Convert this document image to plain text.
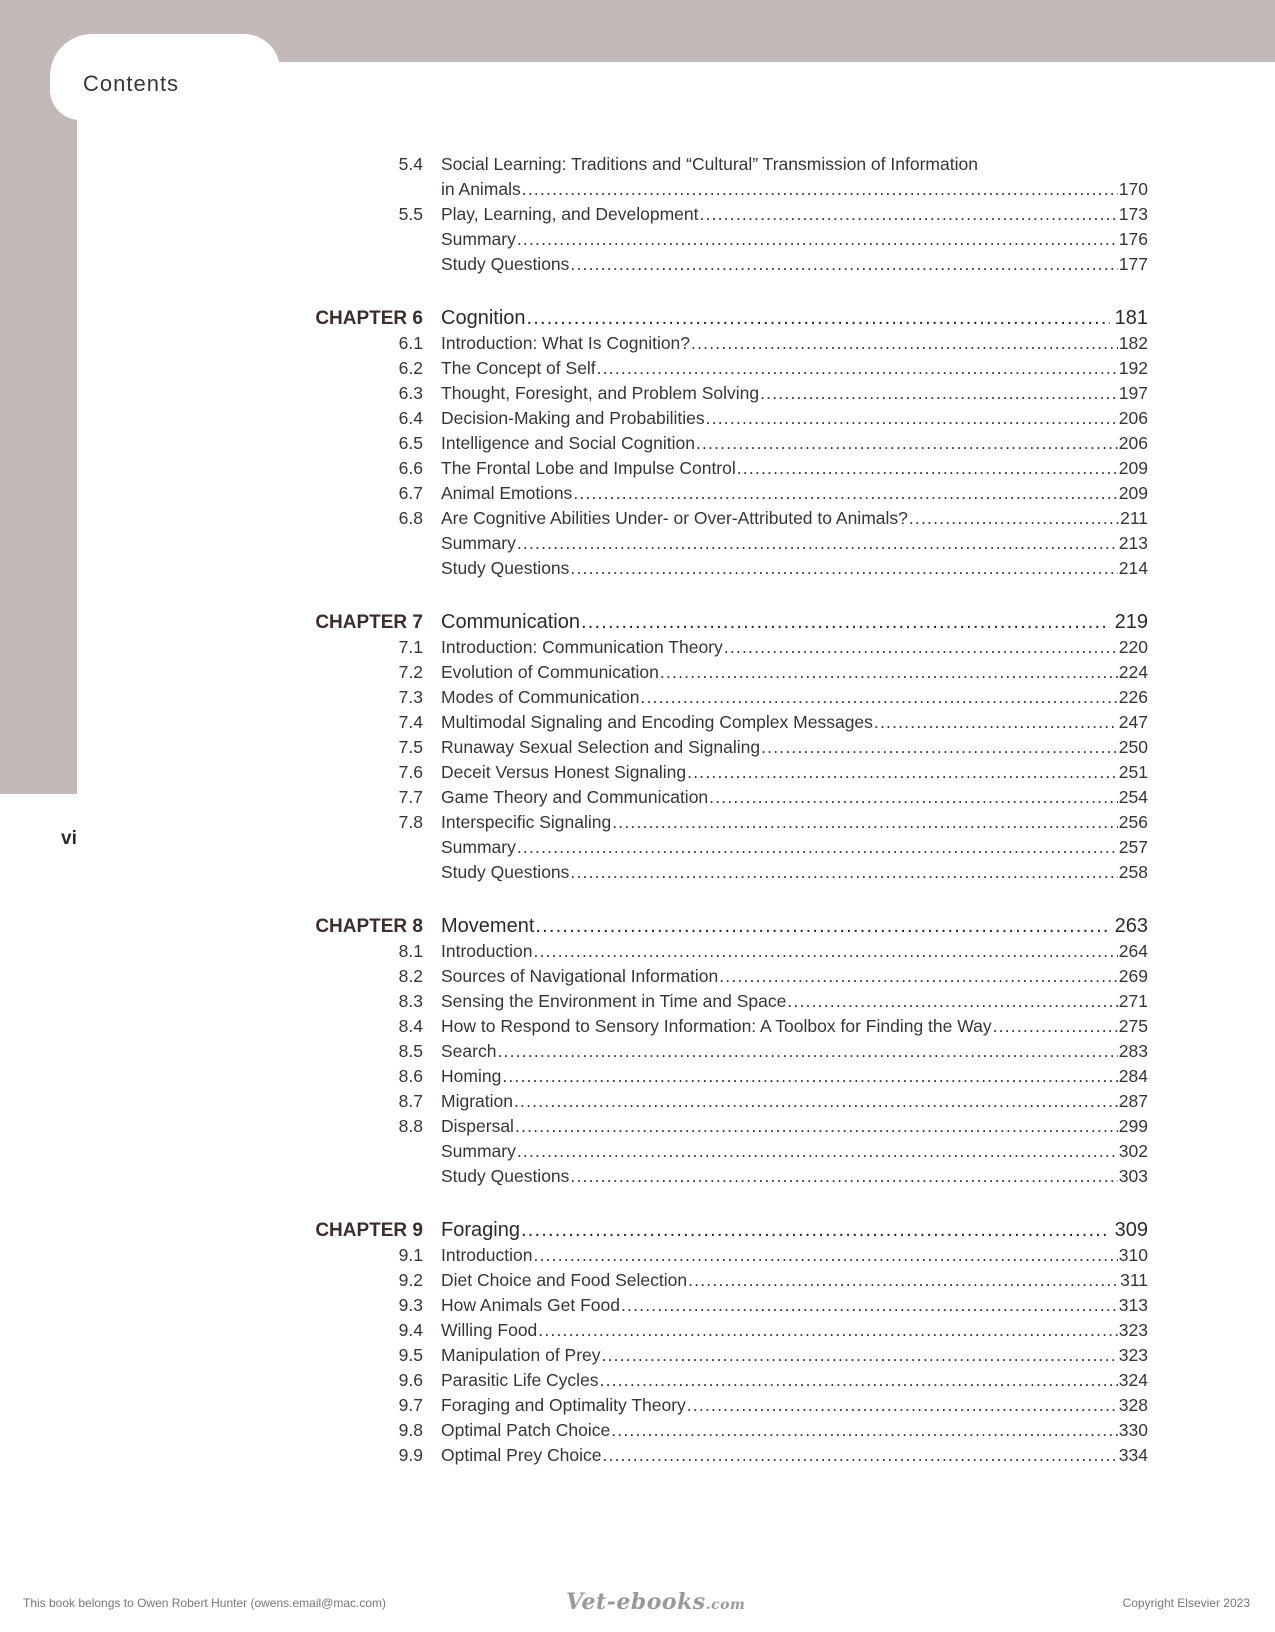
Contents
vi
5.4	Social Learning: Traditions and “Cultural” Transmission of Information
in Animals .....	170
5.5	Play, Learning, and Development .....	173
Summary .....	176
Study Questions .....	177
CHAPTER 6 Cognition .....	181
6.1	Introduction: What Is Cognition? .....	182
6.2	The Concept of Self .....	192
6.3	Thought, Foresight, and Problem Solving .....	197
6.4	Decision-Making and Probabilities .....	206
6.5	Intelligence and Social Cognition .....	206
6.6	The Frontal Lobe and Impulse Control .....	209
6.7	Animal Emotions .....	209
6.8	Are Cognitive Abilities Under- or Over-Attributed to Animals? .....	211
Summary .....	213
Study Questions .....	214
CHAPTER 7 Communication .....	219
7.1	Introduction: Communication Theory .....	220
7.2	Evolution of Communication .....	224
7.3	Modes of Communication .....	226
7.4	Multimodal Signaling and Encoding Complex Messages .....	247
7.5	Runaway Sexual Selection and Signaling .....	250
7.6	Deceit Versus Honest Signaling .....	251
7.7	Game Theory and Communication .....	254
7.8	Interspecific Signaling .....	256
Summary .....	257
Study Questions .....	258
CHAPTER 8 Movement .....	263
8.1	Introduction .....	264
8.2	Sources of Navigational Information .....	269
8.3	Sensing the Environment in Time and Space .....	271
8.4	How to Respond to Sensory Information: A Toolbox for Finding the Way .....	275
8.5	Search .....	283
8.6	Homing .....	284
8.7	Migration .....	287
8.8	Dispersal .....	299
Summary .....	302
Study Questions .....	303
CHAPTER 9 Foraging .....	309
9.1	Introduction .....	310
9.2	Diet Choice and Food Selection .....	311
9.3	How Animals Get Food .....	313
9.4	Willing Food .....	323
9.5	Manipulation of Prey .....	323
9.6	Parasitic Life Cycles .....	324
9.7	Foraging and Optimality Theory .....	328
9.8	Optimal Patch Choice .....	330
9.9	Optimal Prey Choice .....	334
This book belongs to Owen Robert Hunter (owens.email@mac.com)	Vet-ebooks.com	Copyright Elsevier 2023
